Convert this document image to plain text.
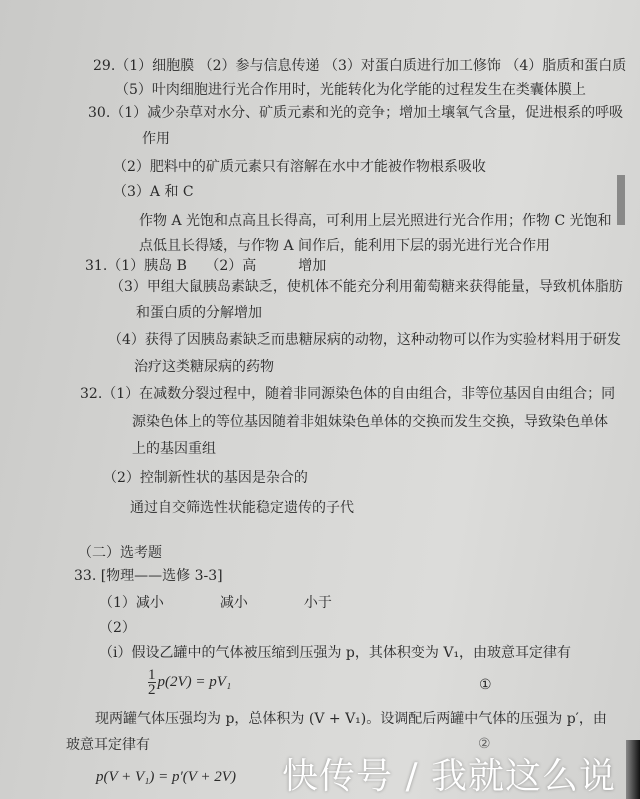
29.（1）细胞膜 （2）参与信息传递 （3）对蛋白质进行加工修饰 （4）脂质和蛋白质
（5）叶肉细胞进行光合作用时，光能转化为化学能的过程发生在类囊体膜上
30.（1）减少杂草对水分、矿质元素和光的竞争；增加土壤氧气含量，促进根系的呼吸
作用
（2）肥料中的矿质元素只有溶解在水中才能被作物根系吸收
（3）A 和 C
作物 A 光饱和点高且长得高，可利用上层光照进行光合作用；作物 C 光饱和
点低且长得矮，与作物 A 间作后，能利用下层的弱光进行光合作用
31.（1）胰岛 B　 （2）高　　　增加
（3）甲组大鼠胰岛素缺乏，使机体不能充分利用葡萄糖来获得能量，导致机体脂肪
和蛋白质的分解增加
（4）获得了因胰岛素缺乏而患糖尿病的动物，这种动物可以作为实验材料用于研发
治疗这类糖尿病的药物
32.（1）在减数分裂过程中，随着非同源染色体的自由组合，非等位基因自由组合；同
源染色体上的等位基因随着非姐妹染色单体的交换而发生交换，导致染色单体
上的基因重组
（2）控制新性状的基因是杂合的
通过自交筛选性状能稳定遗传的子代
（二）选考题
33. [物理——选修 3-3]
（1）减小　　　　减小　　　　小于
（2）
（i）假设乙罐中的气体被压缩到压强为 p，其体积变为 V₁，由玻意耳定律有
$\frac{1}{2} p(2V) = pV_1$	①
现两罐气体压强均为 p，总体积为 (V + V₁)。设调配后两罐中气体的压强为 p′，由
玻意耳定律有	②
p(V + V₁) = p′(V + 2V) 快传号 / 我就这么说
